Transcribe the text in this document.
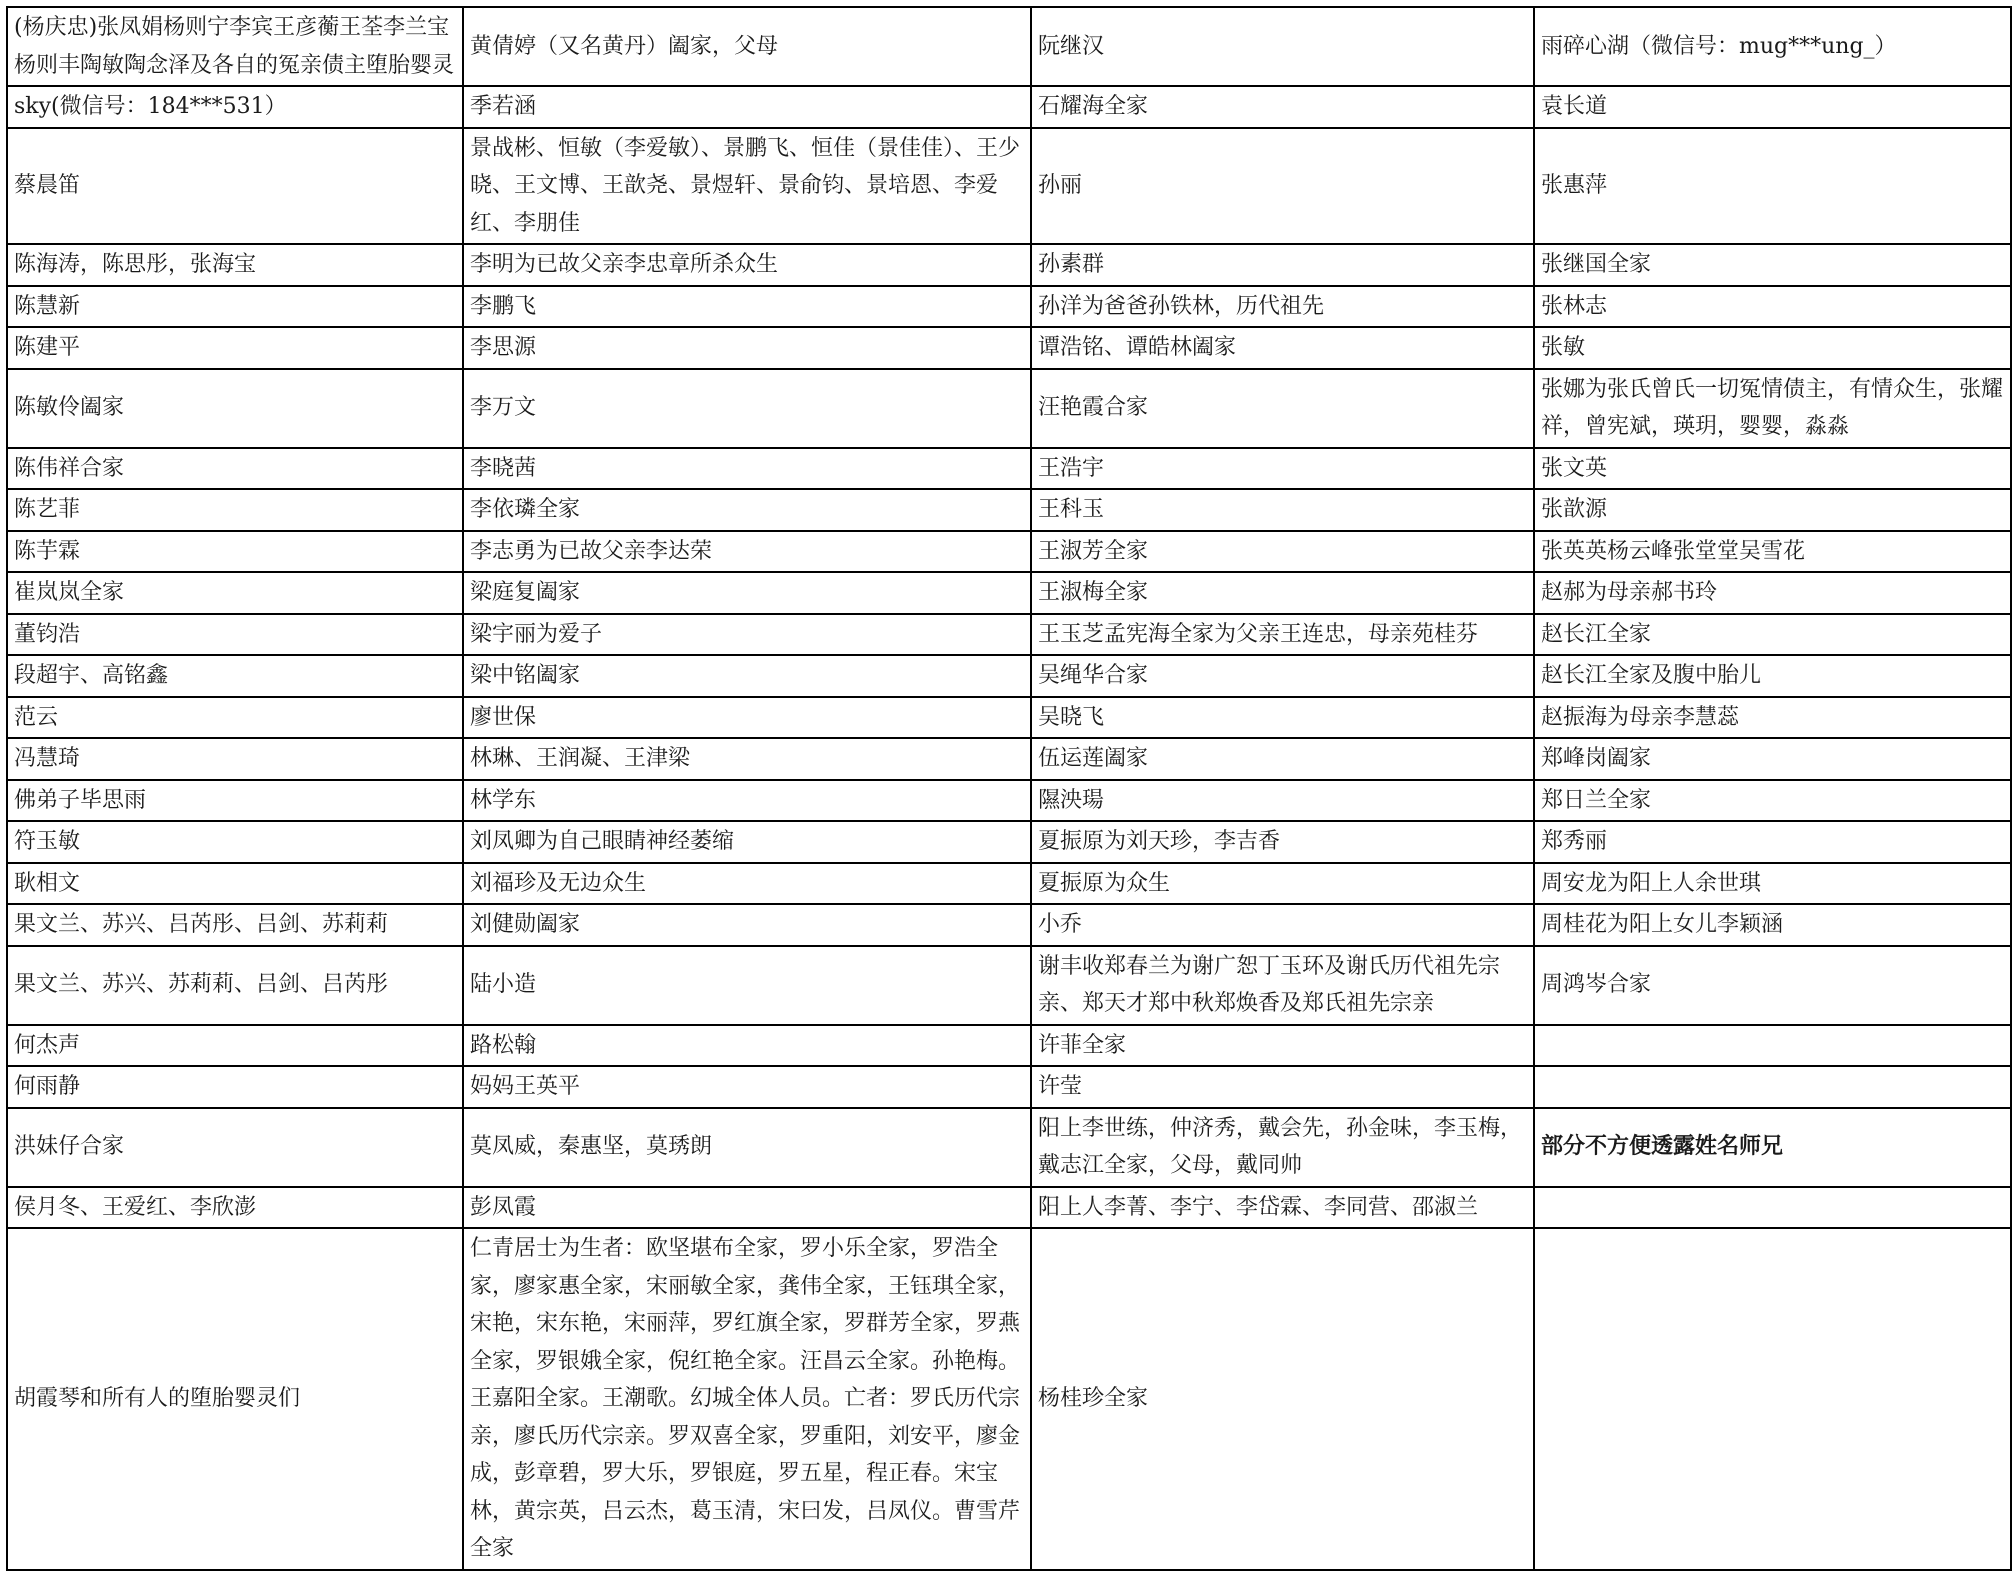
(杨庆忠)张凤娟杨则宁李宾王彦蘅王荃李兰宝杨则丰陶敏陶念泽及各自的冤亲债主堕胎婴灵	黄倩婷（又名黄丹）阖家，父母	阮继汉	雨碎心湖（微信号：mug***ung_）
sky(微信号：184***531）	季若涵	石耀海全家	袁长道
蔡晨笛	景战彬、恒敏（李爱敏）、景鹏飞、恒佳（景佳佳）、王少晓、王文博、王歆尧、景煜轩、景俞钧、景培恩、李爱红、李朋佳	孙丽	张惠萍
陈海涛，陈思彤，张海宝	李明为已故父亲李忠章所杀众生	孙素群	张继国全家
陈慧新	李鹏飞	孙洋为爸爸孙铁林，历代祖先	张林志
陈建平	李思源	谭浩铭、谭皓林阖家	张敏
陈敏伶阖家	李万文	汪艳霞合家	张娜为张氏曾氏一切冤情债主，有情众生，张耀祥，曾宪斌，瑛玥，婴婴，淼淼
陈伟祥合家	李晓茜	王浩宇	张文英
陈艺菲	李依璘全家	王科玉	张歆源
陈芋霖	李志勇为已故父亲李达荣	王淑芳全家	张英英杨云峰张堂堂吴雪花
崔岚岚全家	梁庭复阖家	王淑梅全家	赵郝为母亲郝书玲
董钧浩	梁宇丽为爱子	王玉芝孟宪海全家为父亲王连忠，母亲苑桂芬	赵长江全家
段超宇、高铭鑫	梁中铭阖家	吴绳华合家	赵长江全家及腹中胎儿
范云	廖世保	吴晓飞	赵振海为母亲李慧蕊
冯慧琦	林琳、王润凝、王津梁	伍运莲阖家	郑峰岗阖家
佛弟子毕思雨	林学东	隰泱瑒	郑日兰全家
符玉敏	刘凤卿为自己眼睛神经萎缩	夏振原为刘天珍，李吉香	郑秀丽
耿相文	刘福珍及无边众生	夏振原为众生	周安龙为阳上人余世琪
果文兰、苏兴、吕芮彤、吕剑、苏莉莉	刘健勋阖家	小乔	周桂花为阳上女儿李颖涵
果文兰、苏兴、苏莉莉、吕剑、吕芮彤	陆小造	谢丰收郑春兰为谢广恕丁玉环及谢氏历代祖先宗亲、郑天才郑中秋郑焕香及郑氏祖先宗亲	周鸿岑合家
何杰声	路松翰	许菲全家	
何雨静	妈妈王英平	许莹	
洪妹仔合家	莫凤威，秦惠坚，莫琇朗	阳上李世练，仲济秀，戴会先，孙金味，李玉梅，戴志江全家，父母，戴同帅	部分不方便透露姓名师兄
侯月冬、王爱红、李欣澎	彭凤霞	阳上人李菁、李宁、李岱霖、李同营、邵淑兰	
胡霞琴和所有人的堕胎婴灵们	仁青居士为生者：欧坚堪布全家，罗小乐全家，罗浩全家，廖家惠全家，宋丽敏全家，龚伟全家，王钰琪全家，宋艳，宋东艳，宋丽萍，罗红旗全家，罗群芳全家，罗燕全家，罗银娥全家，倪红艳全家。汪昌云全家。孙艳梅。王嘉阳全家。王潮歌。幻城全体人员。亡者：罗氏历代宗亲，廖氏历代宗亲。罗双喜全家，罗重阳，刘安平，廖金成，彭章碧，罗大乐，罗银庭，罗五星，程正春。宋宝林，黄宗英，吕云杰，葛玉清，宋曰发，吕凤仪。曹雪芹全家	杨桂珍全家	
